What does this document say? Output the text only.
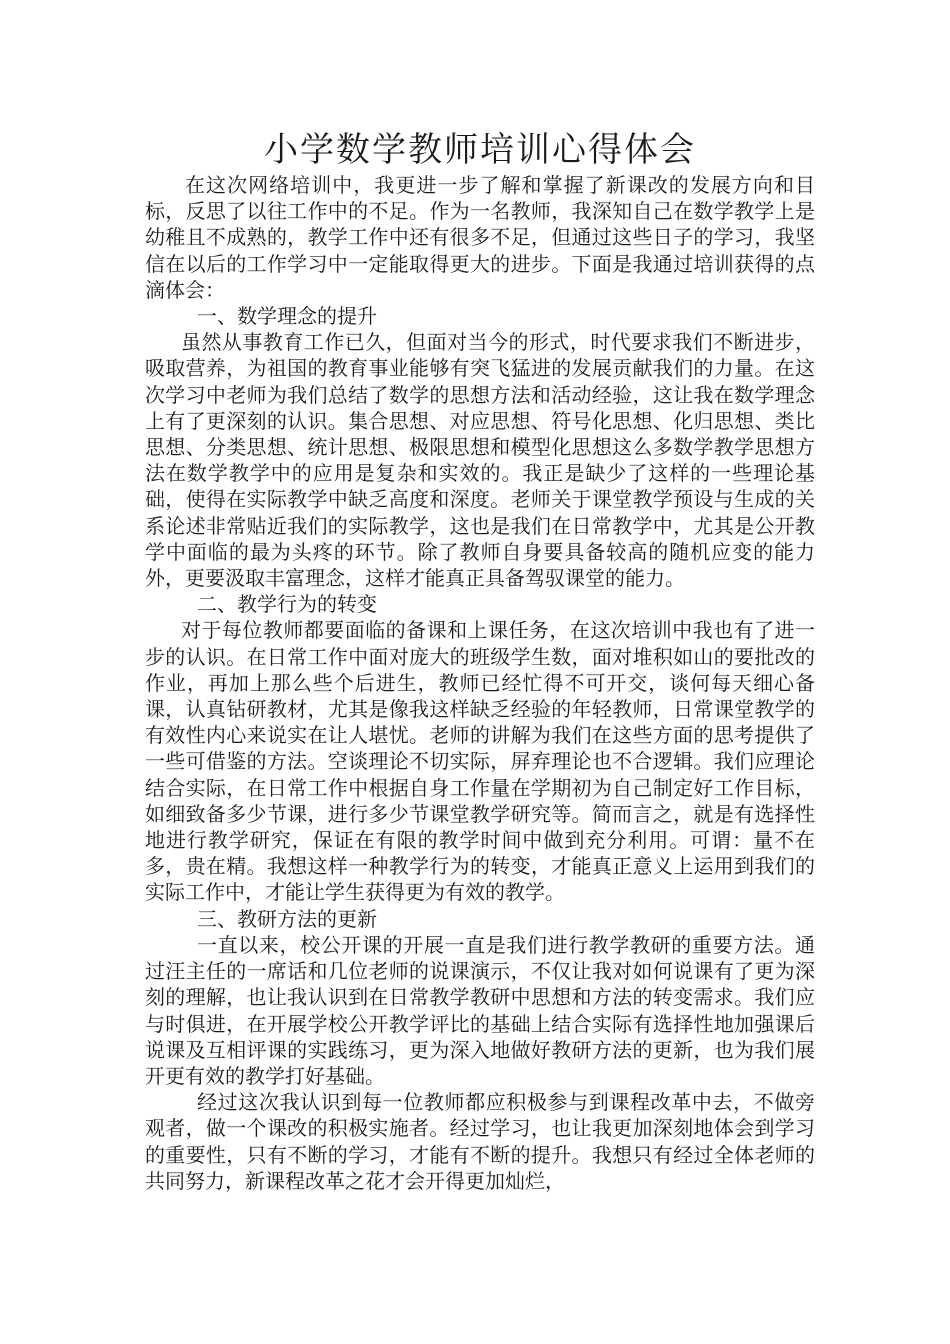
小学数学教师培训心得体会

在这次网络培训中，我更进一步了解和掌握了新课改的发展方向和目标，反思了以往工作中的不足。作为一名教师，我深知自己在数学教学上是幼稚且不成熟的，教学工作中还有很多不足，但通过这些日子的学习，我坚信在以后的工作学习中一定能取得更大的进步。下面是我通过培训获得的点滴体会：

一、数学理念的提升

虽然从事教育工作已久，但面对当今的形式，时代要求我们不断进步，吸取营养，为祖国的教育事业能够有突飞猛进的发展贡献我们的力量。在这次学习中老师为我们总结了数学的思想方法和活动经验，这让我在数学理念上有了更深刻的认识。集合思想、对应思想、符号化思想、化归思想、类比思想、分类思想、统计思想、极限思想和模型化思想这么多数学教学思想方法在数学教学中的应用是复杂和实效的。我正是缺少了这样的一些理论基础，使得在实际教学中缺乏高度和深度。老师关于课堂教学预设与生成的关系论述非常贴近我们的实际教学，这也是我们在日常教学中，尤其是公开教学中面临的最为头疼的环节。除了教师自身要具备较高的随机应变的能力外，更要汲取丰富理念，这样才能真正具备驾驭课堂的能力。

二、教学行为的转变

对于每位教师都要面临的备课和上课任务，在这次培训中我也有了进一步的认识。在日常工作中面对庞大的班级学生数，面对堆积如山的要批改的作业，再加上那么些个后进生，教师已经忙得不可开交，谈何每天细心备课，认真钻研教材，尤其是像我这样缺乏经验的年轻教师，日常课堂教学的有效性内心来说实在让人堪忧。老师的讲解为我们在这些方面的思考提供了一些可借鉴的方法。空谈理论不切实际，屏弃理论也不合逻辑。我们应理论结合实际，在日常工作中根据自身工作量在学期初为自己制定好工作目标，如细致备多少节课，进行多少节课堂教学研究等。简而言之，就是有选择性地进行教学研究，保证在有限的教学时间中做到充分利用。可谓：量不在多，贵在精。我想这样一种教学行为的转变，才能真正意义上运用到我们的实际工作中，才能让学生获得更为有效的教学。

三、教研方法的更新

一直以来，校公开课的开展一直是我们进行教学教研的重要方法。通过汪主任的一席话和几位老师的说课演示，不仅让我对如何说课有了更为深刻的理解，也让我认识到在日常教学教研中思想和方法的转变需求。我们应与时俱进，在开展学校公开教学评比的基础上结合实际有选择性地加强课后说课及互相评课的实践练习，更为深入地做好教研方法的更新，也为我们展开更有效的教学打好基础。

经过这次我认识到每一位教师都应积极参与到课程改革中去，不做旁观者，做一个课改的积极实施者。经过学习，也让我更加深刻地体会到学习的重要性，只有不断的学习，才能有不断的提升。我想只有经过全体老师的共同努力，新课程改革之花才会开得更加灿烂，
